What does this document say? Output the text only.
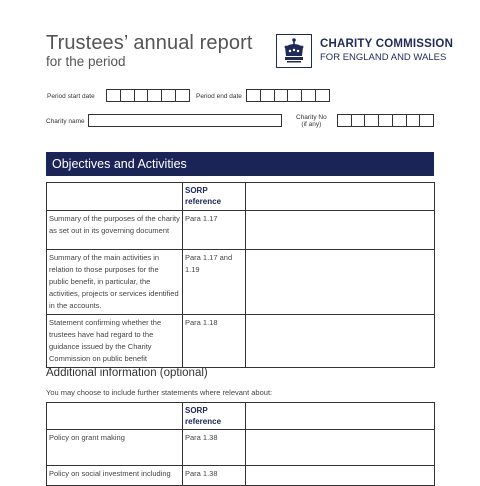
Trustees’ annual report
for the period
CHARITY COMMISSION
FOR ENGLAND AND WALES
Period start date	Period end date
Charity name
Charity No
(if any)
Objectives and Activities
	SORP reference	
Summary of the purposes of the charity as set out in its governing document	Para 1.17	
Summary of the main activities in relation to those purposes for the public benefit, in particular, the activities, projects or services identified in the accounts.	Para 1.17 and 1.19	
Statement confirming whether the trustees have had regard to the guidance issued by the Charity Commission on public benefit	Para 1.18	
Additional information (optional)
You may choose to include further statements where relevant about:
	SORP reference	
Policy on grant making	Para 1.38	
Policy on social investment including	Para 1.38	
